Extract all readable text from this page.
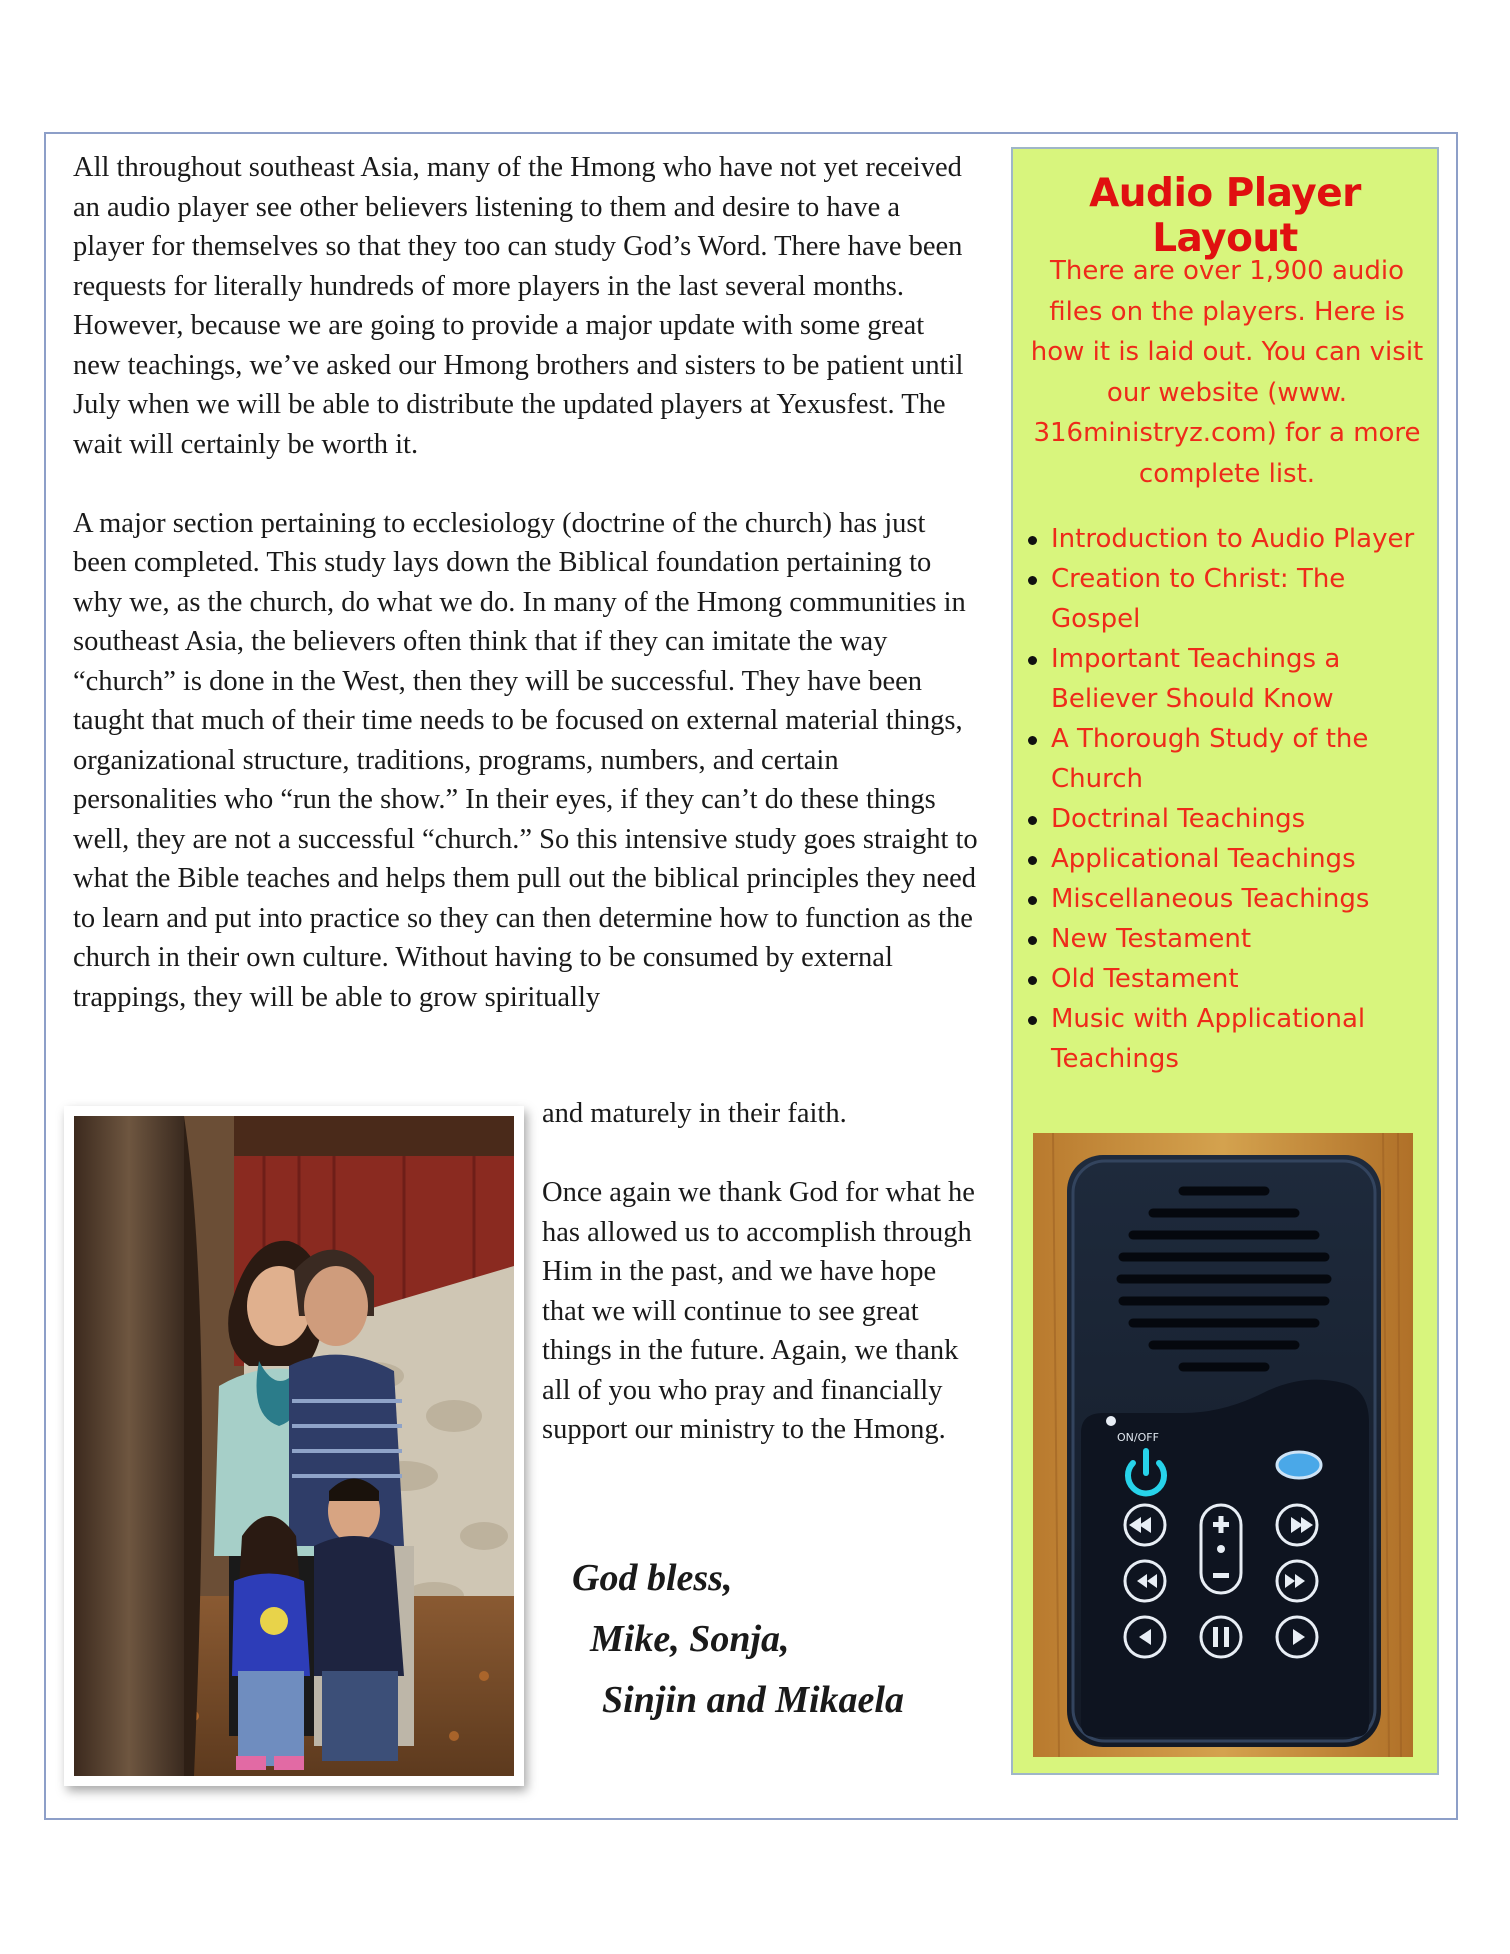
All throughout southeast Asia, many of the Hmong who have not yet received an audio player see other believers listening to them and desire to have a player for themselves so that they too can study God’s Word. There have been requests for literally hundreds of more players in the last several months. However, because we are going to provide a major update with some great new teachings, we’ve asked our Hmong brothers and sisters to be patient until July when we will be able to distribute the updated players at Yexusfest. The wait will certainly be worth it.

A major section pertaining to ecclesiology (doctrine of the church) has just been completed. This study lays down the Biblical foundation pertaining to why we, as the church, do what we do. In many of the Hmong communities in southeast Asia, the believers often think that if they can imitate the way “church” is done in the West, then they will be successful. They have been taught that much of their time needs to be focused on external material things, organizational structure, traditions, programs, numbers, and certain personalities who “run the show.” In their eyes, if they can’t do these things well, they are not a successful “church.” So this intensive study goes straight to what the Bible teaches and helps them pull out the biblical principles they need to learn and put into practice so they can then determine how to function as the church in their own culture. Without having to be consumed by external trappings, they will be able to grow spiritually

and maturely in their faith.

Once again we thank God for what he has allowed us to accomplish through Him in the past, and we have hope that we will continue to see great things in the future. Again, we thank all of you who pray and financially support our ministry to the Hmong.

God bless,
Mike, Sonja,
Sinjin and Mikaela
Audio Player Layout
There are over 1,900 audio files on the players. Here is how it is laid out. You can visit our website (www. 316ministryz.com) for a more complete list.
Introduction to Audio Player
Creation to Christ: The Gospel
Important Teachings a Believer Should Know
A Thorough Study of the Church
Doctrinal Teachings
Applicational Teachings
Miscellaneous Teachings
New Testament
Old Testament
Music with Applicational Teachings
ON/OFF
